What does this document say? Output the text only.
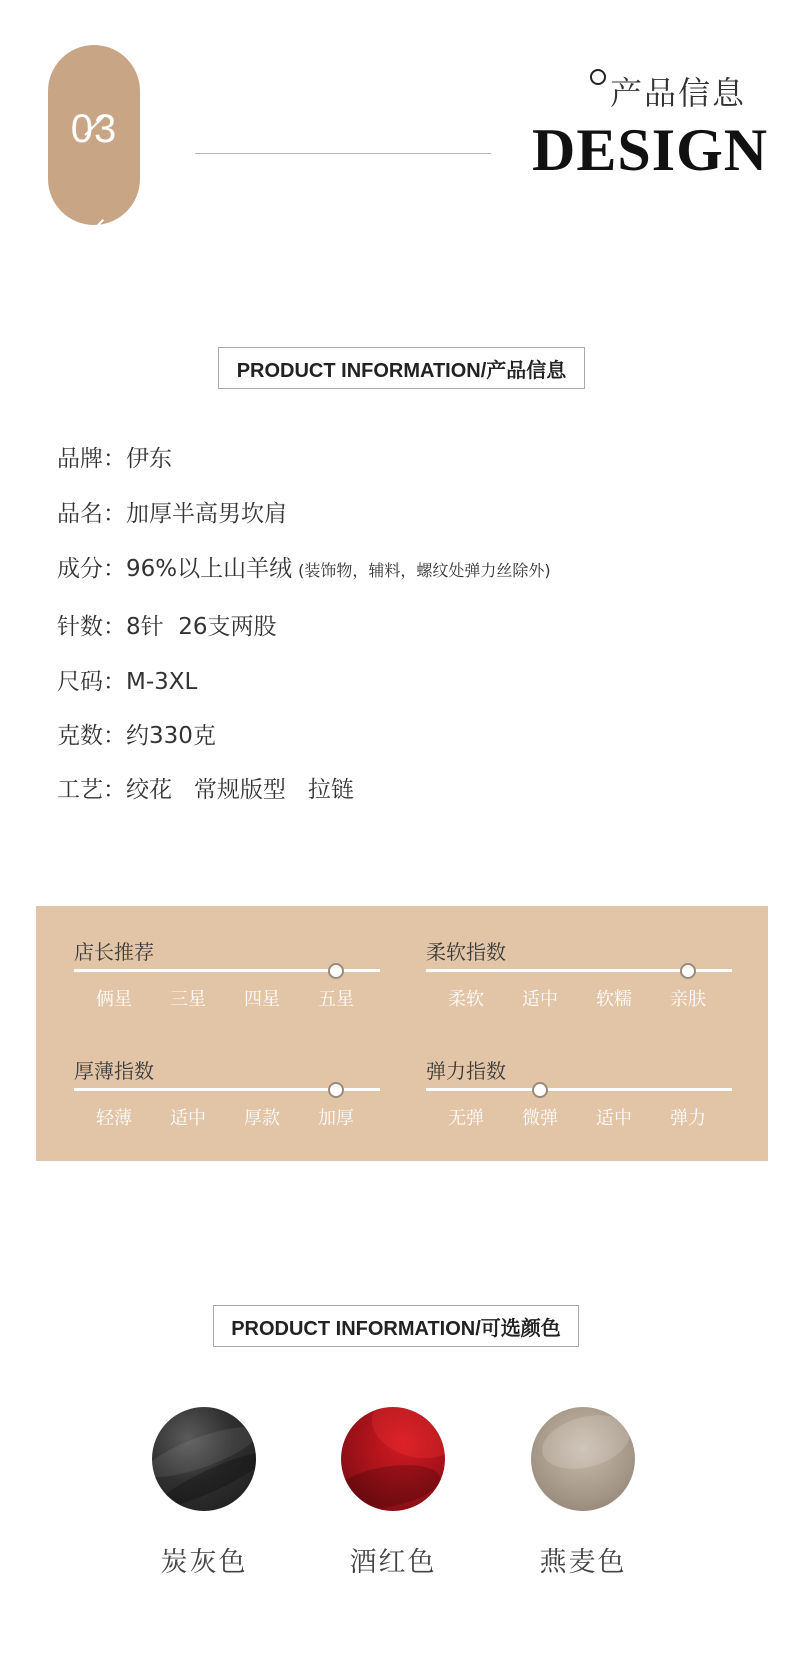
03
产品信息
DESIGN
PRODUCT INFORMATION/产品信息
品牌：伊东
品名：加厚半高男坎肩
成分：96%以上山羊绒 (装饰物，辅料，螺纹处弹力丝除外)
针数：8针  26支两股
尺码：M-3XL
克数：约330克
工艺：绞花   常规版型   拉链
店长推荐
俩星	三星	四星	五星
柔软指数
柔软	适中	软糯	亲肤
厚薄指数
轻薄	适中	厚款	加厚
弹力指数
无弹	微弹	适中	弹力
PRODUCT INFORMATION/可选颜色
炭灰色	酒红色	燕麦色
